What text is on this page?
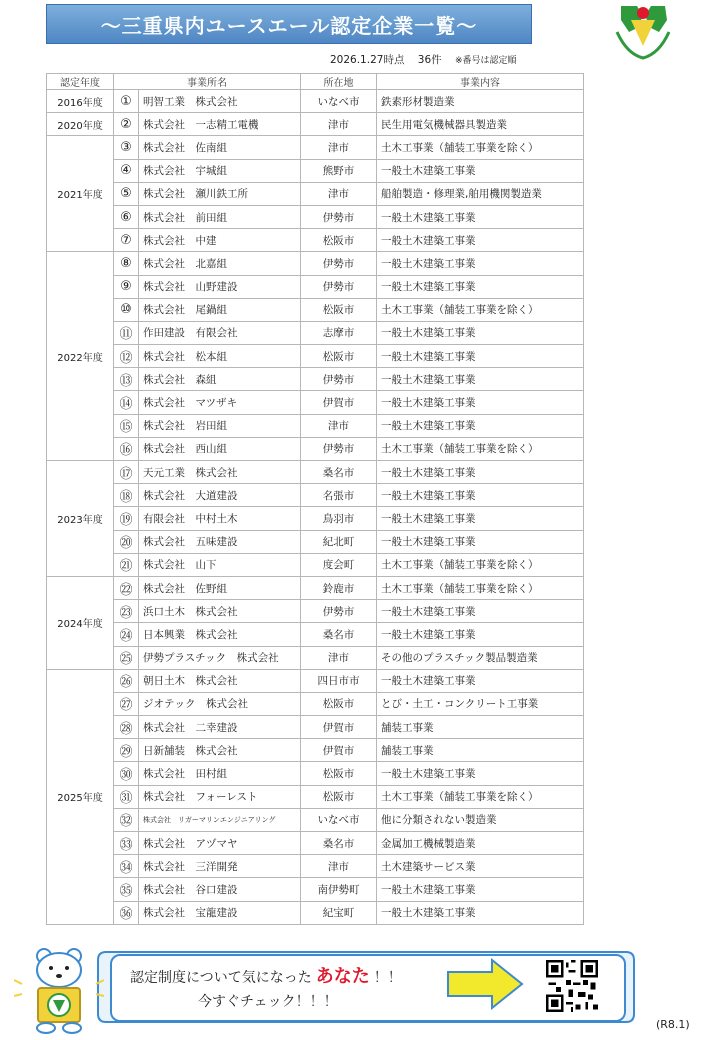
～三重県内ユースエール認定企業一覧～
2026.1.27時点 36件 ※番号は認定順
認定年度	事業所名		所在地	事業内容
2016年度	①	明智工業　株式会社	いなべ市	鉄素形材製造業
2020年度	②	株式会社　一志精工電機	津市	民生用電気機械器具製造業
2021年度	③	株式会社　佐南組	津市	土木工事業（舗装工事業を除く）
	④	株式会社　宇城組	熊野市	一般土木建築工事業
	⑤	株式会社　瀬川鉄工所	津市	船舶製造・修理業,舶用機関製造業
	⑥	株式会社　前田組	伊勢市	一般土木建築工事業
	⑦	株式会社　中建	松阪市	一般土木建築工事業
2022年度	⑧	株式会社　北嘉組	伊勢市	一般土木建築工事業
	⑨	株式会社　山野建設	伊勢市	一般土木建築工事業
	⑩	株式会社　尾鍋組	松阪市	土木工事業（舗装工事業を除く）
	⑪	作田建設　有限会社	志摩市	一般土木建築工事業
	⑫	株式会社　松本組	松阪市	一般土木建築工事業
	⑬	株式会社　森組	伊勢市	一般土木建築工事業
	⑭	株式会社　マツザキ	伊賀市	一般土木建築工事業
	⑮	株式会社　岩田組	津市	一般土木建築工事業
	⑯	株式会社　西山組	伊勢市	土木工事業（舗装工事業を除く）
2023年度	⑰	天元工業　株式会社	桑名市	一般土木建築工事業
	⑱	株式会社　大道建設	名張市	一般土木建築工事業
	⑲	有限会社　中村土木	鳥羽市	一般土木建築工事業
	⑳	株式会社　五味建設	紀北町	一般土木建築工事業
	㉑	株式会社　山下	度会町	土木工事業（舗装工事業を除く）
2024年度	㉒	株式会社　佐野組	鈴鹿市	土木工事業（舗装工事業を除く）
	㉓	浜口土木　株式会社	伊勢市	一般土木建築工事業
	㉔	日本興業　株式会社	桑名市	一般土木建築工事業
	㉕	伊勢プラスチック　株式会社	津市	その他のプラスチック製品製造業
2025年度	㉖	朝日土木　株式会社	四日市市	一般土木建築工事業
	㉗	ジオテック　株式会社	松阪市	とび・土工・コンクリート工事業
	㉘	株式会社　二幸建設	伊賀市	舗装工事業
	㉙	日新舗装　株式会社	伊賀市	舗装工事業
	㉚	株式会社　田村組	松阪市	一般土木建築工事業
	㉛	株式会社　フォーレスト	松阪市	土木工事業（舗装工事業を除く）
	㉜	株式会社　リガーマリンエンジニアリング	いなべ市	他に分類されない製造業
	㉝	株式会社　アヅマヤ	桑名市	金属加工機械製造業
	㉞	株式会社　三洋開発	津市	土木建築サービス業
	㉟	株式会社　谷口建設	南伊勢町	一般土木建築工事業
	㊱	株式会社　宝龍建設	紀宝町	一般土木建築工事業
認定制度について気になった あなた ！！
今すぐチェック！！！
(R8.1)
